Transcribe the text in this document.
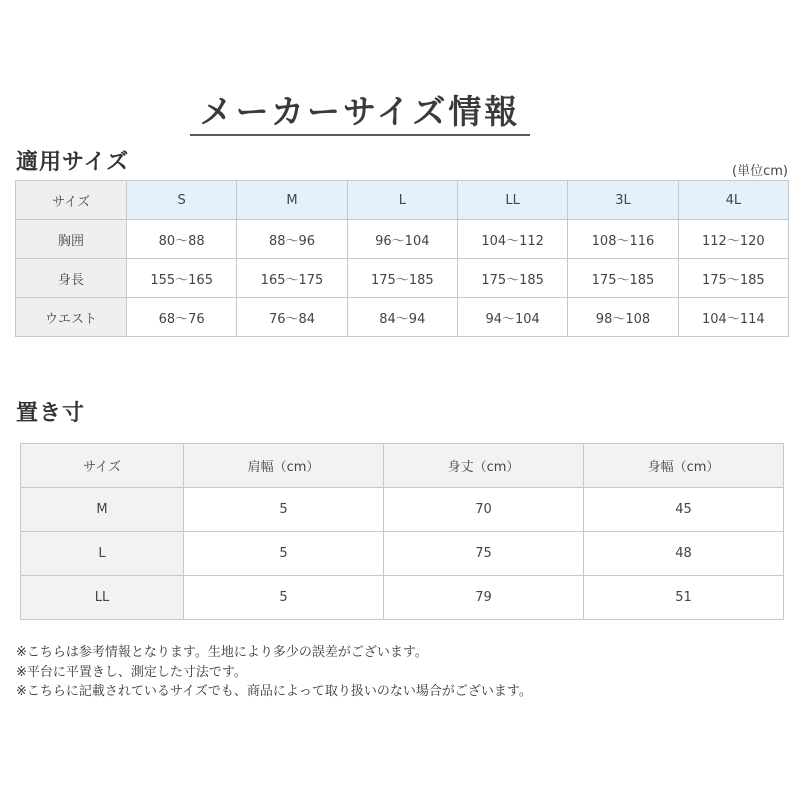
メーカーサイズ情報
適用サイズ	(単位cm)
サイズ	S	M	L	LL	3L	4L
胸囲	80〜88	88〜96	96〜104	104〜112	108〜116	112〜120
身長	155〜165	165〜175	175〜185	175〜185	175〜185	175〜185
ウエスト	68〜76	76〜84	84〜94	94〜104	98〜108	104〜114
置き寸
サイズ	肩幅（cm）	身丈（cm）	身幅（cm）
M	5	70	45
L	5	75	48
LL	5	79	51
※こちらは参考情報となります。生地により多少の誤差がございます。
※平台に平置きし、測定した寸法です。
※こちらに記載されているサイズでも、商品によって取り扱いのない場合がございます。
